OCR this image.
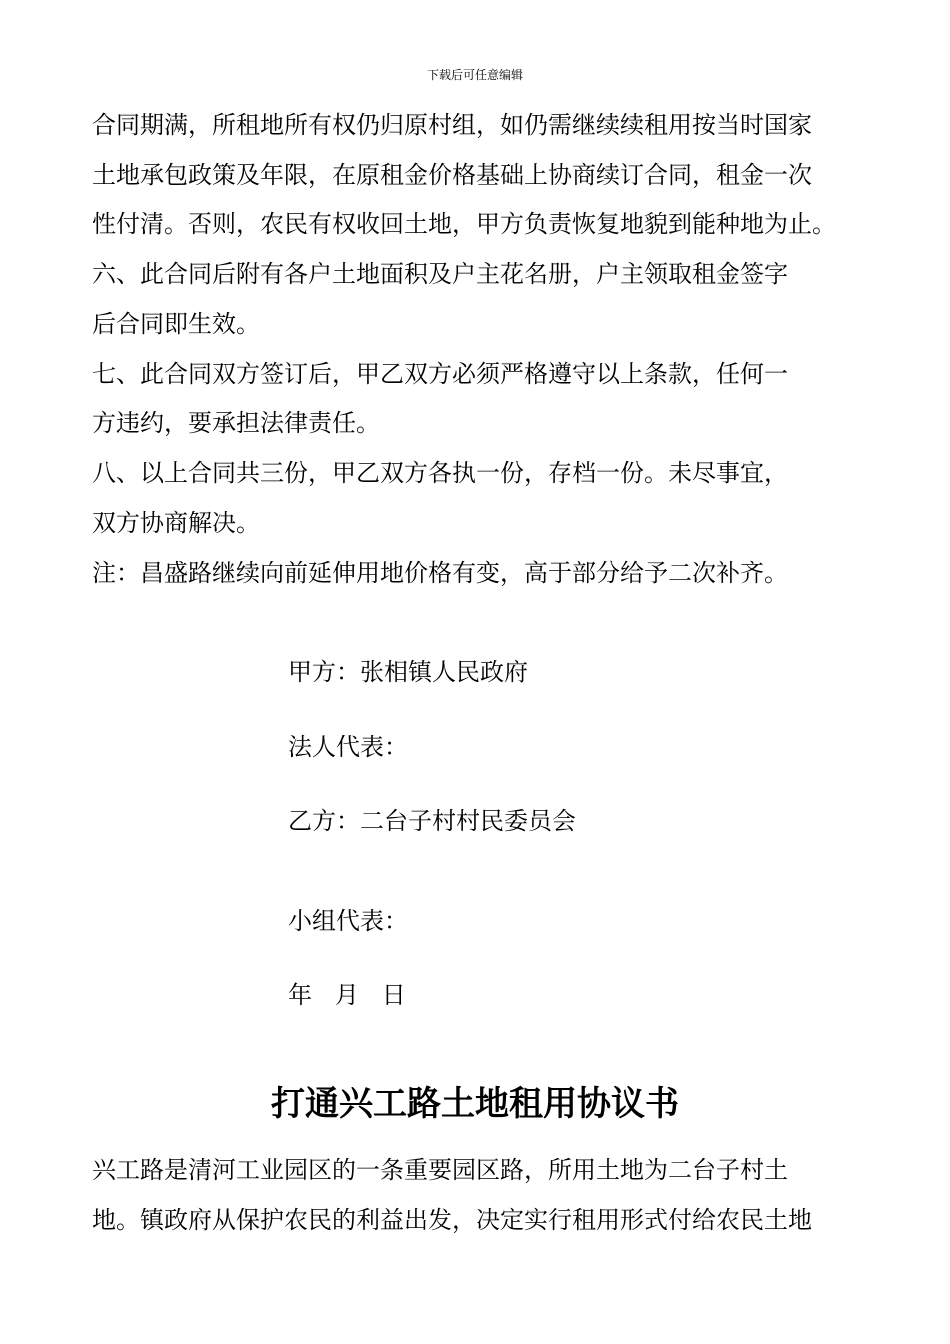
下载后可任意编辑
合同期满，所租地所有权仍归原村组，如仍需继续续租用按当时国家
土地承包政策及年限，在原租金价格基础上协商续订合同，租金一次
性付清。否则，农民有权收回土地，甲方负责恢复地貌到能种地为止。
六、此合同后附有各户土地面积及户主花名册，户主领取租金签字
后合同即生效。
七、此合同双方签订后，甲乙双方必须严格遵守以上条款，任何一
方违约，要承担法律责任。
八、以上合同共三份，甲乙双方各执一份，存档一份。未尽事宜，
双方协商解决。
注：昌盛路继续向前延伸用地价格有变，高于部分给予二次补齐。
甲方：张相镇人民政府
法人代表：
乙方：二台子村村民委员会
小组代表：
年   月   日
打通兴工路土地租用协议书
兴工路是清河工业园区的一条重要园区路，所用土地为二台子村土
地。镇政府从保护农民的利益出发，决定实行租用形式付给农民土地
